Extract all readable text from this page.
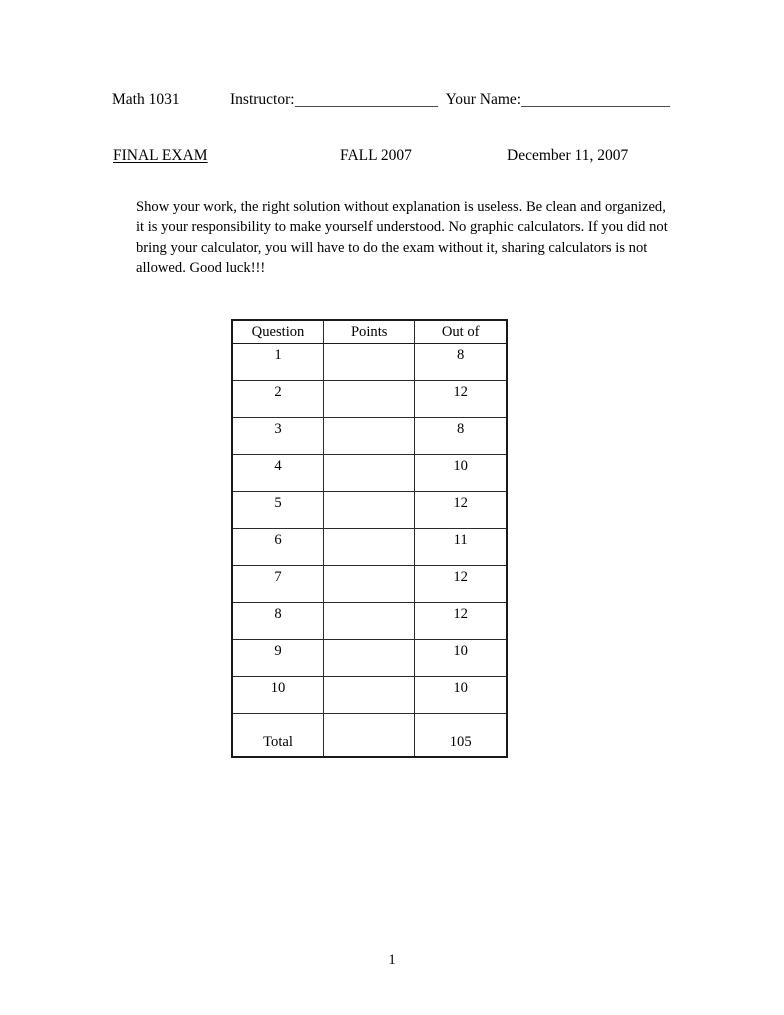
Math 1031	Instructor:	Your Name:
FINAL EXAM	FALL 2007	December 11, 2007

Show your work, the right solution without explanation is useless. Be clean and organized, it is your responsibility to make yourself understood. No graphic calculators. If you did not bring your calculator, you will have to do the exam without it, sharing calculators is not allowed. Good luck!!!

Question	Points	Out of
1		8
2		12
3		8
4		10
5		12
6		11
7		12
8		12
9		10
10		10
Total		105
1
